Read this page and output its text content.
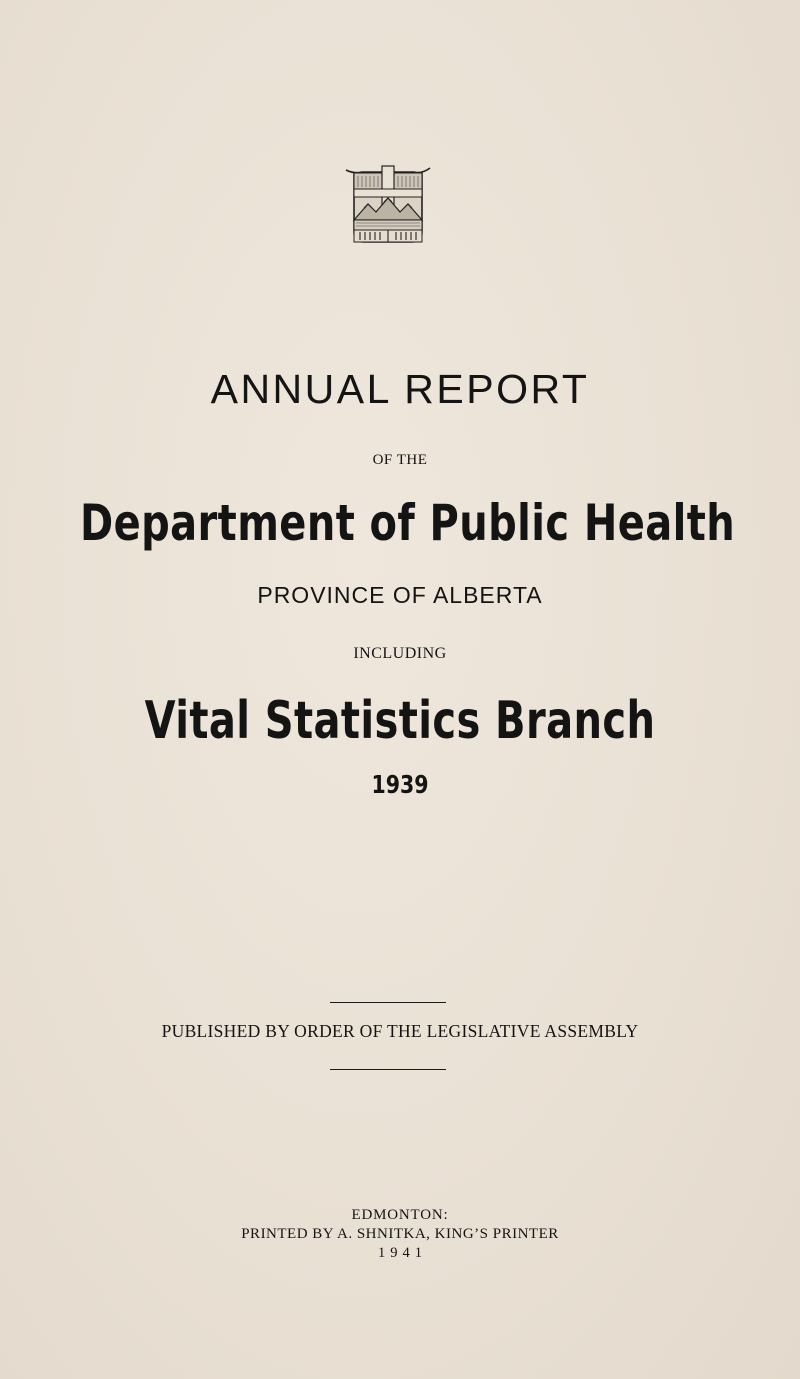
ANNUAL REPORT

OF THE

Department of Public Health

PROVINCE OF ALBERTA

INCLUDING

Vital Statistics Branch

1939

PUBLISHED BY ORDER OF THE LEGISLATIVE ASSEMBLY

EDMONTON:

PRINTED BY A. SHNITKA, KING’S PRINTER

1941
